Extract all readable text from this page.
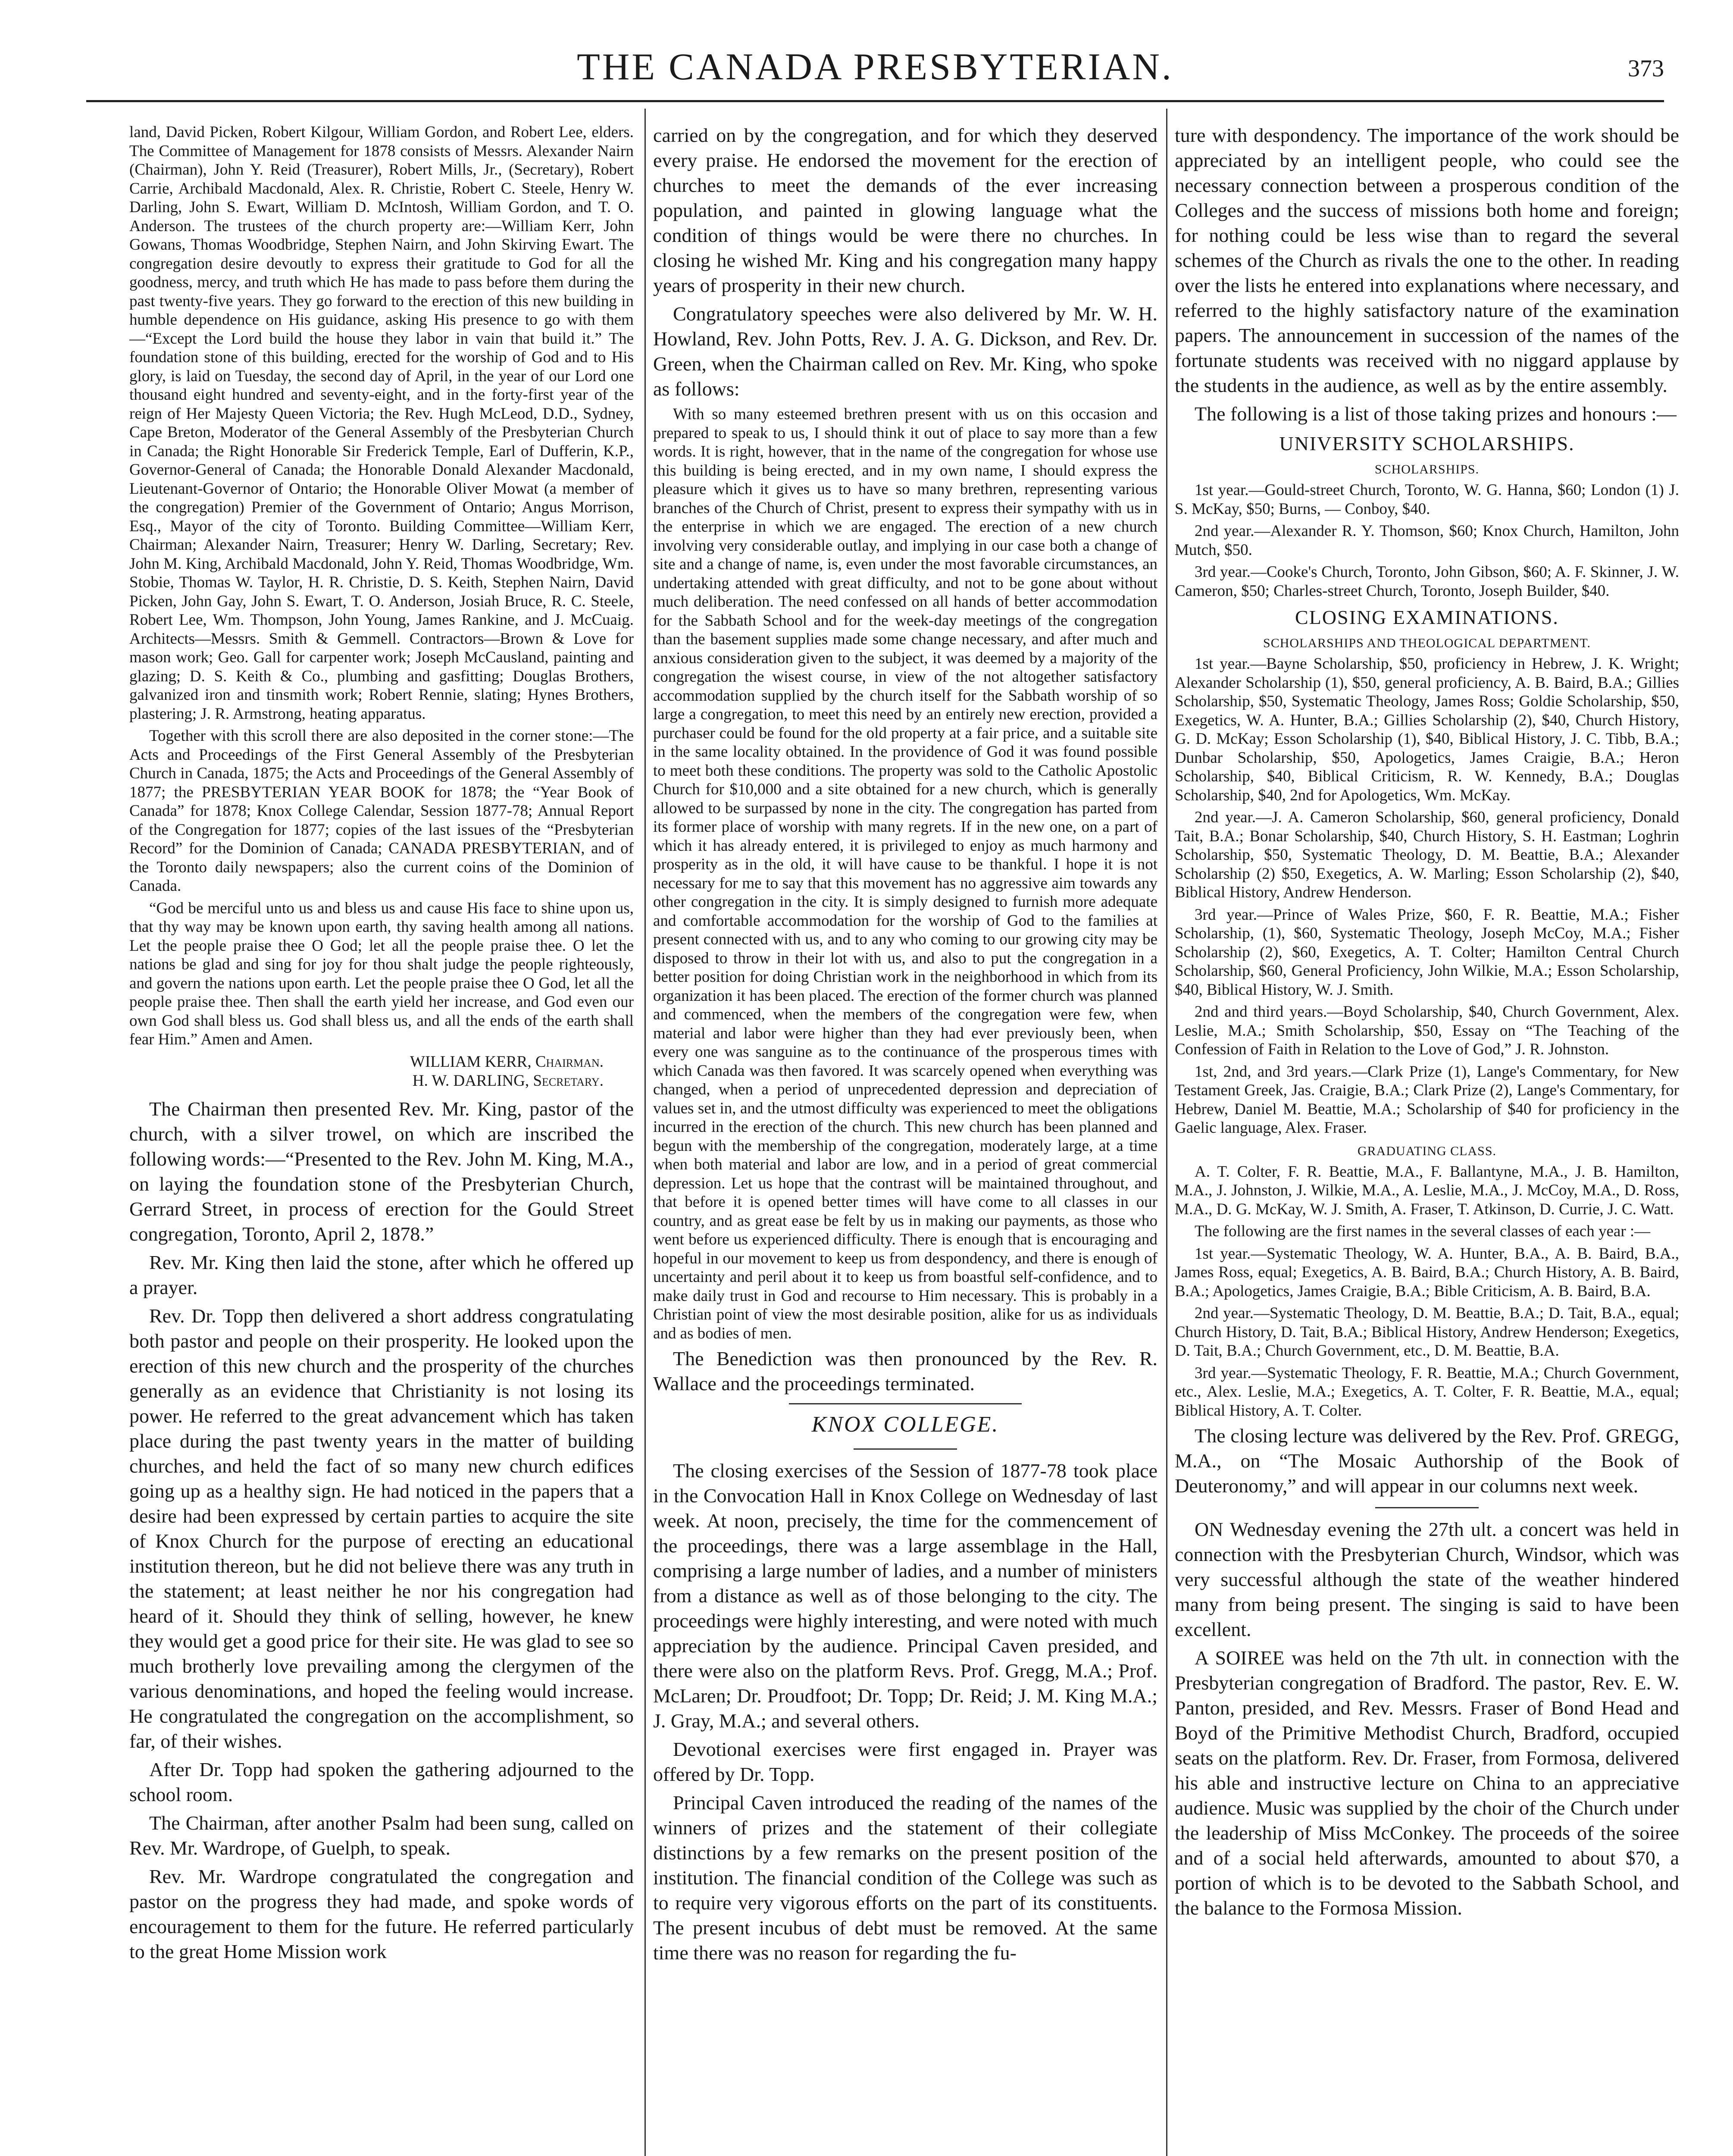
THE CANADA PRESBYTERIAN.	373

land, David Picken, Robert Kilgour, William Gordon, and Robert Lee, elders. The Committee of Management for 1878 consists of Messrs. Alexander Nairn (Chairman), John Y. Reid (Treasurer), Robert Mills, Jr., (Secretary), Robert Carrie, Archibald Macdonald, Alex. R. Christie, Robert C. Steele, Henry W. Darling, John S. Ewart, William D. McIntosh, William Gordon, and T. O. Anderson. The trustees of the church property are:—William Kerr, John Gowans, Thomas Woodbridge, Stephen Nairn, and John Skirving Ewart. The congregation desire devoutly to express their gratitude to God for all the goodness, mercy, and truth which He has made to pass before them during the past twenty-five years. They go forward to the erection of this new building in humble dependence on His guidance, asking His presence to go with them—“Except the Lord build the house they labor in vain that build it.” The foundation stone of this building, erected for the worship of God and to His glory, is laid on Tuesday, the second day of April, in the year of our Lord one thousand eight hundred and seventy-eight, and in the forty-first year of the reign of Her Majesty Queen Victoria; the Rev. Hugh McLeod, D.D., Sydney, Cape Breton, Moderator of the General Assembly of the Presbyterian Church in Canada; the Right Honorable Sir Frederick Temple, Earl of Dufferin, K.P., Governor-General of Canada; the Honorable Donald Alexander Macdonald, Lieutenant-Governor of Ontario; the Honorable Oliver Mowat (a member of the congregation) Premier of the Government of Ontario; Angus Morrison, Esq., Mayor of the city of Toronto. Building Committee—William Kerr, Chairman; Alexander Nairn, Treasurer; Henry W. Darling, Secretary; Rev. John M. King, Archibald Macdonald, John Y. Reid, Thomas Woodbridge, Wm. Stobie, Thomas W. Taylor, H. R. Christie, D. S. Keith, Stephen Nairn, David Picken, John Gay, John S. Ewart, T. O. Anderson, Josiah Bruce, R. C. Steele, Robert Lee, Wm. Thompson, John Young, James Rankine, and J. McCuaig. Architects—Messrs. Smith & Gemmell. Contractors—Brown & Love for mason work; Geo. Gall for carpenter work; Joseph McCausland, painting and glazing; D. S. Keith & Co., plumbing and gasfitting; Douglas Brothers, galvanized iron and tinsmith work; Robert Rennie, slating; Hynes Brothers, plastering; J. R. Armstrong, heating apparatus.

Together with this scroll there are also deposited in the corner stone:—The Acts and Proceedings of the First General Assembly of the Presbyterian Church in Canada, 1875; the Acts and Proceedings of the General Assembly of 1877; the PRESBYTERIAN YEAR BOOK for 1878; the “Year Book of Canada” for 1878; Knox College Calendar, Session 1877-78; Annual Report of the Congregation for 1877; copies of the last issues of the “Presbyterian Record” for the Dominion of Canada; CANADA PRESBYTERIAN, and of the Toronto daily newspapers; also the current coins of the Dominion of Canada.

“God be merciful unto us and bless us and cause His face to shine upon us, that thy way may be known upon earth, thy saving health among all nations. Let the people praise thee O God; let all the people praise thee. O let the nations be glad and sing for joy for thou shalt judge the people righteously, and govern the nations upon earth. Let the people praise thee O God, let all the people praise thee. Then shall the earth yield her increase, and God even our own God shall bless us. God shall bless us, and all the ends of the earth shall fear Him.” Amen and Amen.

WILLIAM KERR, Chairman.
H. W. DARLING, Secretary.

The Chairman then presented Rev. Mr. King, pastor of the church, with a silver trowel, on which are inscribed the following words:—“Presented to the Rev. John M. King, M.A., on laying the foundation stone of the Presbyterian Church, Gerrard Street, in process of erection for the Gould Street congregation, Toronto, April 2, 1878.”

Rev. Mr. King then laid the stone, after which he offered up a prayer.

Rev. Dr. Topp then delivered a short address congratulating both pastor and people on their prosperity. He looked upon the erection of this new church and the prosperity of the churches generally as an evidence that Christianity is not losing its power. He referred to the great advancement which has taken place during the past twenty years in the matter of building churches, and held the fact of so many new church edifices going up as a healthy sign. He had noticed in the papers that a desire had been expressed by certain parties to acquire the site of Knox Church for the purpose of erecting an educational institution thereon, but he did not believe there was any truth in the statement; at least neither he nor his congregation had heard of it. Should they think of selling, however, he knew they would get a good price for their site. He was glad to see so much brotherly love prevailing among the clergymen of the various denominations, and hoped the feeling would increase. He congratulated the congregation on the accomplishment, so far, of their wishes.

After Dr. Topp had spoken the gathering adjourned to the school room.

The Chairman, after another Psalm had been sung, called on Rev. Mr. Wardrope, of Guelph, to speak.

Rev. Mr. Wardrope congratulated the congregation and pastor on the progress they had made, and spoke words of encouragement to them for the future. He referred particularly to the great Home Mission work

carried on by the congregation, and for which they deserved every praise. He endorsed the movement for the erection of churches to meet the demands of the ever increasing population, and painted in glowing language what the condition of things would be were there no churches. In closing he wished Mr. King and his congregation many happy years of prosperity in their new church.

Congratulatory speeches were also delivered by Mr. W. H. Howland, Rev. John Potts, Rev. J. A. G. Dickson, and Rev. Dr. Green, when the Chairman called on Rev. Mr. King, who spoke as follows:

With so many esteemed brethren present with us on this occasion and prepared to speak to us, I should think it out of place to say more than a few words. It is right, however, that in the name of the congregation for whose use this building is being erected, and in my own name, I should express the pleasure which it gives us to have so many brethren, representing various branches of the Church of Christ, present to express their sympathy with us in the enterprise in which we are engaged. The erection of a new church involving very considerable outlay, and implying in our case both a change of site and a change of name, is, even under the most favorable circumstances, an undertaking attended with great difficulty, and not to be gone about without much deliberation. The need confessed on all hands of better accommodation for the Sabbath School and for the week-day meetings of the congregation than the basement supplies made some change necessary, and after much and anxious consideration given to the subject, it was deemed by a majority of the congregation the wisest course, in view of the not altogether satisfactory accommodation supplied by the church itself for the Sabbath worship of so large a congregation, to meet this need by an entirely new erection, provided a purchaser could be found for the old property at a fair price, and a suitable site in the same locality obtained. In the providence of God it was found possible to meet both these conditions. The property was sold to the Catholic Apostolic Church for $10,000 and a site obtained for a new church, which is generally allowed to be surpassed by none in the city. The congregation has parted from its former place of worship with many regrets. If in the new one, on a part of which it has already entered, it is privileged to enjoy as much harmony and prosperity as in the old, it will have cause to be thankful. I hope it is not necessary for me to say that this movement has no aggressive aim towards any other congregation in the city. It is simply designed to furnish more adequate and comfortable accommodation for the worship of God to the families at present connected with us, and to any who coming to our growing city may be disposed to throw in their lot with us, and also to put the congregation in a better position for doing Christian work in the neighborhood in which from its organization it has been placed. The erection of the former church was planned and commenced, when the members of the congregation were few, when material and labor were higher than they had ever previously been, when every one was sanguine as to the continuance of the prosperous times with which Canada was then favored. It was scarcely opened when everything was changed, when a period of unprecedented depression and depreciation of values set in, and the utmost difficulty was experienced to meet the obligations incurred in the erection of the church. This new church has been planned and begun with the membership of the congregation, moderately large, at a time when both material and labor are low, and in a period of great commercial depression. Let us hope that the contrast will be maintained throughout, and that before it is opened better times will have come to all classes in our country, and as great ease be felt by us in making our payments, as those who went before us experienced difficulty. There is enough that is encouraging and hopeful in our movement to keep us from despondency, and there is enough of uncertainty and peril about it to keep us from boastful self-confidence, and to make daily trust in God and recourse to Him necessary. This is probably in a Christian point of view the most desirable position, alike for us as individuals and as bodies of men.

The Benediction was then pronounced by the Rev. R. Wallace and the proceedings terminated.

KNOX COLLEGE.

The closing exercises of the Session of 1877-78 took place in the Convocation Hall in Knox College on Wednesday of last week. At noon, precisely, the time for the commencement of the proceedings, there was a large assemblage in the Hall, comprising a large number of ladies, and a number of ministers from a distance as well as of those belonging to the city. The proceedings were highly interesting, and were noted with much appreciation by the audience. Principal Caven presided, and there were also on the platform Revs. Prof. Gregg, M.A.; Prof. McLaren; Dr. Proudfoot; Dr. Topp; Dr. Reid; J. M. King M.A.; J. Gray, M.A.; and several others.

Devotional exercises were first engaged in. Prayer was offered by Dr. Topp.

Principal Caven introduced the reading of the names of the winners of prizes and the statement of their collegiate distinctions by a few remarks on the present position of the institution. The financial condition of the College was such as to require very vigorous efforts on the part of its constituents. The present incubus of debt must be removed. At the same time there was no reason for regarding the fu-

ture with despondency. The importance of the work should be appreciated by an intelligent people, who could see the necessary connection between a prosperous condition of the Colleges and the success of missions both home and foreign; for nothing could be less wise than to regard the several schemes of the Church as rivals the one to the other. In reading over the lists he entered into explanations where necessary, and referred to the highly satisfactory nature of the examination papers. The announcement in succession of the names of the fortunate students was received with no niggard applause by the students in the audience, as well as by the entire assembly.

The following is a list of those taking prizes and honours :—

UNIVERSITY SCHOLARSHIPS.
SCHOLARSHIPS.

1st year.—Gould-street Church, Toronto, W. G. Hanna, $60; London (1) J. S. McKay, $50; Burns, — Conboy, $40.

2nd year.—Alexander R. Y. Thomson, $60; Knox Church, Hamilton, John Mutch, $50.

3rd year.—Cooke's Church, Toronto, John Gibson, $60; A. F. Skinner, J. W. Cameron, $50; Charles-street Church, Toronto, Joseph Builder, $40.

CLOSING EXAMINATIONS.
SCHOLARSHIPS AND THEOLOGICAL DEPARTMENT.

1st year.—Bayne Scholarship, $50, proficiency in Hebrew, J. K. Wright; Alexander Scholarship (1), $50, general proficiency, A. B. Baird, B.A.; Gillies Scholarship, $50, Systematic Theology, James Ross; Goldie Scholarship, $50, Exegetics, W. A. Hunter, B.A.; Gillies Scholarship (2), $40, Church History, G. D. McKay; Esson Scholarship (1), $40, Biblical History, J. C. Tibb, B.A.; Dunbar Scholarship, $50, Apologetics, James Craigie, B.A.; Heron Scholarship, $40, Biblical Criticism, R. W. Kennedy, B.A.; Douglas Scholarship, $40, 2nd for Apologetics, Wm. McKay.

2nd year.—J. A. Cameron Scholarship, $60, general proficiency, Donald Tait, B.A.; Bonar Scholarship, $40, Church History, S. H. Eastman; Loghrin Scholarship, $50, Systematic Theology, D. M. Beattie, B.A.; Alexander Scholarship (2) $50, Exegetics, A. W. Marling; Esson Scholarship (2), $40, Biblical History, Andrew Henderson.

3rd year.—Prince of Wales Prize, $60, F. R. Beattie, M.A.; Fisher Scholarship, (1), $60, Systematic Theology, Joseph McCoy, M.A.; Fisher Scholarship (2), $60, Exegetics, A. T. Colter; Hamilton Central Church Scholarship, $60, General Proficiency, John Wilkie, M.A.; Esson Scholarship, $40, Biblical History, W. J. Smith.

2nd and third years.—Boyd Scholarship, $40, Church Government, Alex. Leslie, M.A.; Smith Scholarship, $50, Essay on “The Teaching of the Confession of Faith in Relation to the Love of God,” J. R. Johnston.

1st, 2nd, and 3rd years.—Clark Prize (1), Lange's Commentary, for New Testament Greek, Jas. Craigie, B.A.; Clark Prize (2), Lange's Commentary, for Hebrew, Daniel M. Beattie, M.A.; Scholarship of $40 for proficiency in the Gaelic language, Alex. Fraser.

GRADUATING CLASS.

A. T. Colter, F. R. Beattie, M.A., F. Ballantyne, M.A., J. B. Hamilton, M.A., J. Johnston, J. Wilkie, M.A., A. Leslie, M.A., J. McCoy, M.A., D. Ross, M.A., D. G. McKay, W. J. Smith, A. Fraser, T. Atkinson, D. Currie, J. C. Watt.

The following are the first names in the several classes of each year :—

1st year.—Systematic Theology, W. A. Hunter, B.A., A. B. Baird, B.A., James Ross, equal; Exegetics, A. B. Baird, B.A.; Church History, A. B. Baird, B.A.; Apologetics, James Craigie, B.A.; Bible Criticism, A. B. Baird, B.A.

2nd year.—Systematic Theology, D. M. Beattie, B.A.; D. Tait, B.A., equal; Church History, D. Tait, B.A.; Biblical History, Andrew Henderson; Exegetics, D. Tait, B.A.; Church Government, etc., D. M. Beattie, B.A.

3rd year.—Systematic Theology, F. R. Beattie, M.A.; Church Government, etc., Alex. Leslie, M.A.; Exegetics, A. T. Colter, F. R. Beattie, M.A., equal; Biblical History, A. T. Colter.

The closing lecture was delivered by the Rev. Prof. GREGG, M.A., on “The Mosaic Authorship of the Book of Deuteronomy,” and will appear in our columns next week.

ON Wednesday evening the 27th ult. a concert was held in connection with the Presbyterian Church, Windsor, which was very successful although the state of the weather hindered many from being present. The singing is said to have been excellent.

A SOIREE was held on the 7th ult. in connection with the Presbyterian congregation of Bradford. The pastor, Rev. E. W. Panton, presided, and Rev. Messrs. Fraser of Bond Head and Boyd of the Primitive Methodist Church, Bradford, occupied seats on the platform. Rev. Dr. Fraser, from Formosa, delivered his able and instructive lecture on China to an appreciative audience. Music was supplied by the choir of the Church under the leadership of Miss McConkey. The proceeds of the soiree and of a social held afterwards, amounted to about $70, a portion of which is to be devoted to the Sabbath School, and the balance to the Formosa Mission.
